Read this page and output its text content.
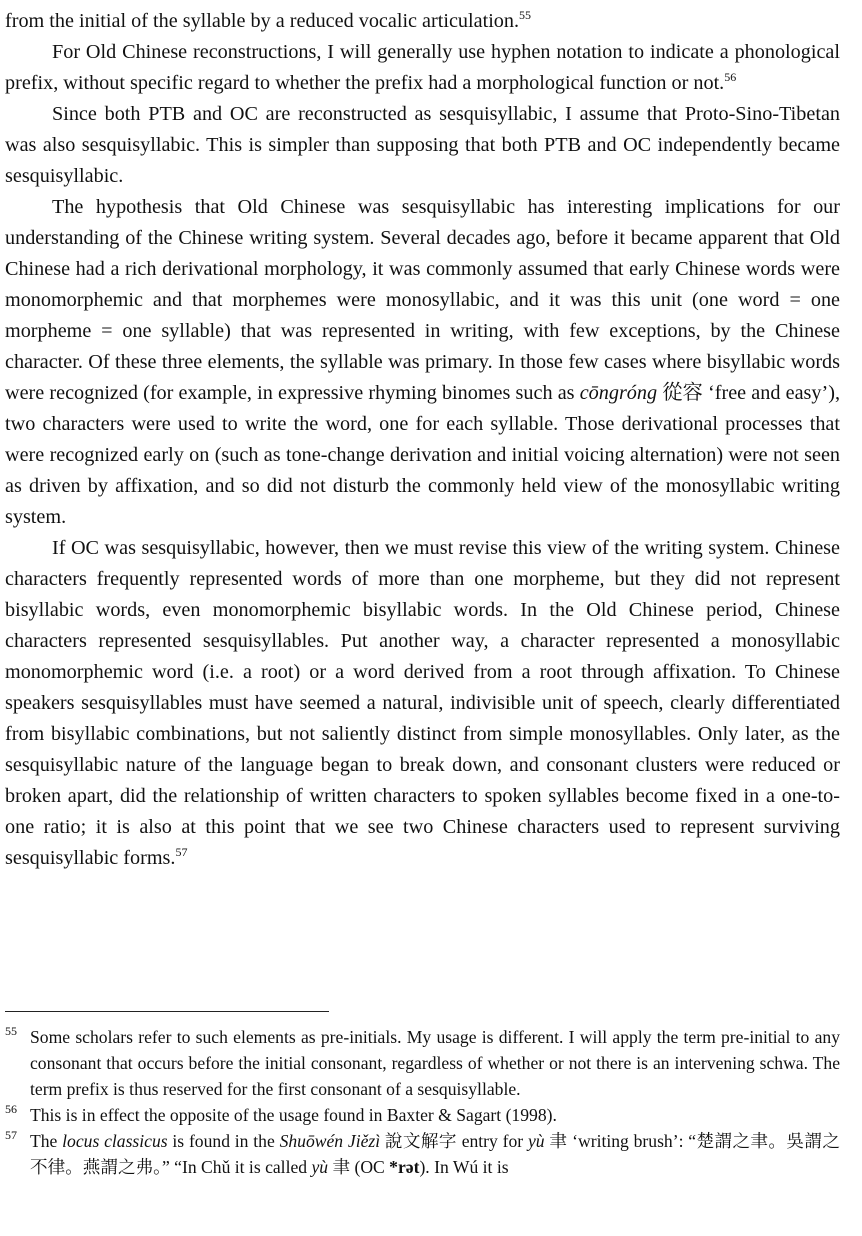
from the initial of the syllable by a reduced vocalic articulation.$^{55}$

For Old Chinese reconstructions, I will generally use hyphen notation to indicate a phonological prefix, without specific regard to whether the prefix had a morphological function or not.$^{56}$

Since both PTB and OC are reconstructed as sesquisyllabic, I assume that Proto-Sino-Tibetan was also sesquisyllabic. This is simpler than supposing that both PTB and OC independently became sesquisyllabic.

The hypothesis that Old Chinese was sesquisyllabic has interesting implications for our understanding of the Chinese writing system. Several decades ago, before it became apparent that Old Chinese had a rich derivational morphology, it was commonly assumed that early Chinese words were monomorphemic and that morphemes were monosyllabic, and it was this unit (one word = one morpheme = one syllable) that was represented in writing, with few exceptions, by the Chinese character. Of these three elements, the syllable was primary. In those few cases where bisyllabic words were recognized (for example, in expressive rhyming binomes such as cōngróng 從容 ‘free and easy’), two characters were used to write the word, one for each syllable. Those derivational processes that were recognized early on (such as tone-change derivation and initial voicing alternation) were not seen as driven by affixation, and so did not disturb the commonly held view of the monosyllabic writing system.

If OC was sesquisyllabic, however, then we must revise this view of the writing system. Chinese characters frequently represented words of more than one morpheme, but they did not represent bisyllabic words, even monomorphemic bisyllabic words. In the Old Chinese period, Chinese characters represented sesquisyllables. Put another way, a character represented a monosyllabic monomorphemic word (i.e. a root) or a word derived from a root through affixation. To Chinese speakers sesquisyllables must have seemed a natural, indivisible unit of speech, clearly differentiated from bisyllabic combinations, but not saliently distinct from simple monosyllables. Only later, as the sesquisyllabic nature of the language began to break down, and consonant clusters were reduced or broken apart, did the relationship of written characters to spoken syllables become fixed in a one-to-one ratio; it is also at this point that we see two Chinese characters used to represent surviving sesquisyllabic forms.$^{57}$

55 Some scholars refer to such elements as pre-initials. My usage is different. I will apply the term pre-initial to any consonant that occurs before the initial consonant, regardless of whether or not there is an intervening schwa. The term prefix is thus reserved for the first consonant of a sesquisyllable.

56 This is in effect the opposite of the usage found in Baxter & Sagart (1998).

57 The locus classicus is found in the Shuōwén Jiězì 說文解字 entry for yù 聿 ‘writing brush’: “楚謂之聿。吳謂之不律。燕謂之弗。” “In Chǔ it is called yù 聿 (OC *rət). In Wú it is
